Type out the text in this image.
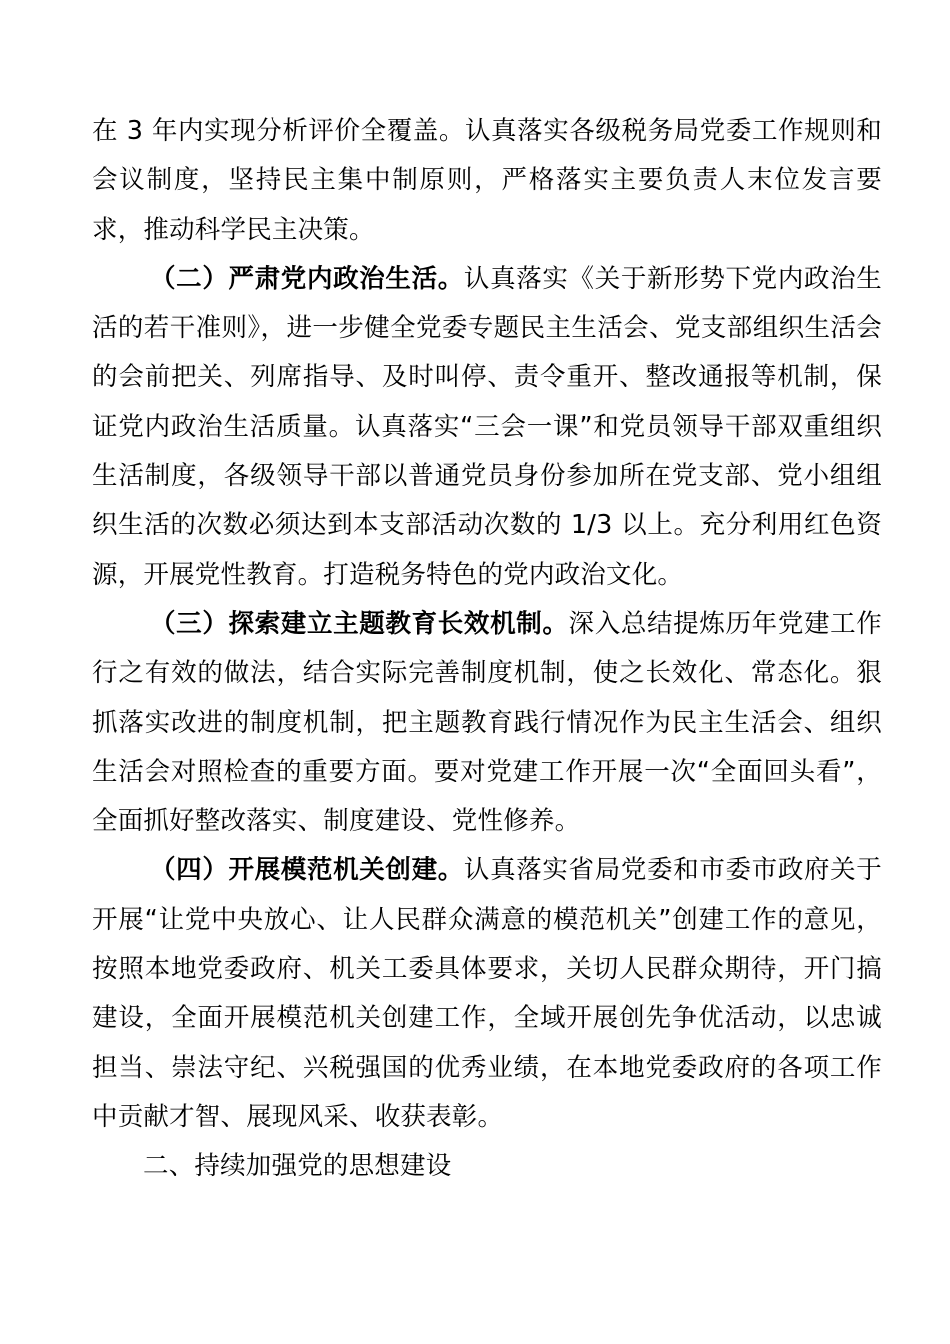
在 3 年内实现分析评价全覆盖。认真落实各级税务局党委工作规则和会议制度，坚持民主集中制原则，严格落实主要负责人末位发言要求，推动科学民主决策。

（二）严肃党内政治生活。认真落实《关于新形势下党内政治生活的若干准则》，进一步健全党委专题民主生活会、党支部组织生活会的会前把关、列席指导、及时叫停、责令重开、整改通报等机制，保证党内政治生活质量。认真落实“三会一课”和党员领导干部双重组织生活制度，各级领导干部以普通党员身份参加所在党支部、党小组组织生活的次数必须达到本支部活动次数的 1/3 以上。充分利用红色资源，开展党性教育。打造税务特色的党内政治文化。

（三）探索建立主题教育长效机制。深入总结提炼历年党建工作行之有效的做法，结合实际完善制度机制，使之长效化、常态化。狠抓落实改进的制度机制，把主题教育践行情况作为民主生活会、组织生活会对照检查的重要方面。要对党建工作开展一次“全面回头看”，全面抓好整改落实、制度建设、党性修养。

（四）开展模范机关创建。认真落实省局党委和市委市政府关于开展“让党中央放心、让人民群众满意的模范机关”创建工作的意见，按照本地党委政府、机关工委具体要求，关切人民群众期待，开门搞建设，全面开展模范机关创建工作，全域开展创先争优活动，以忠诚担当、崇法守纪、兴税强国的优秀业绩，在本地党委政府的各项工作中贡献才智、展现风采、收获表彰。

二、持续加强党的思想建设
